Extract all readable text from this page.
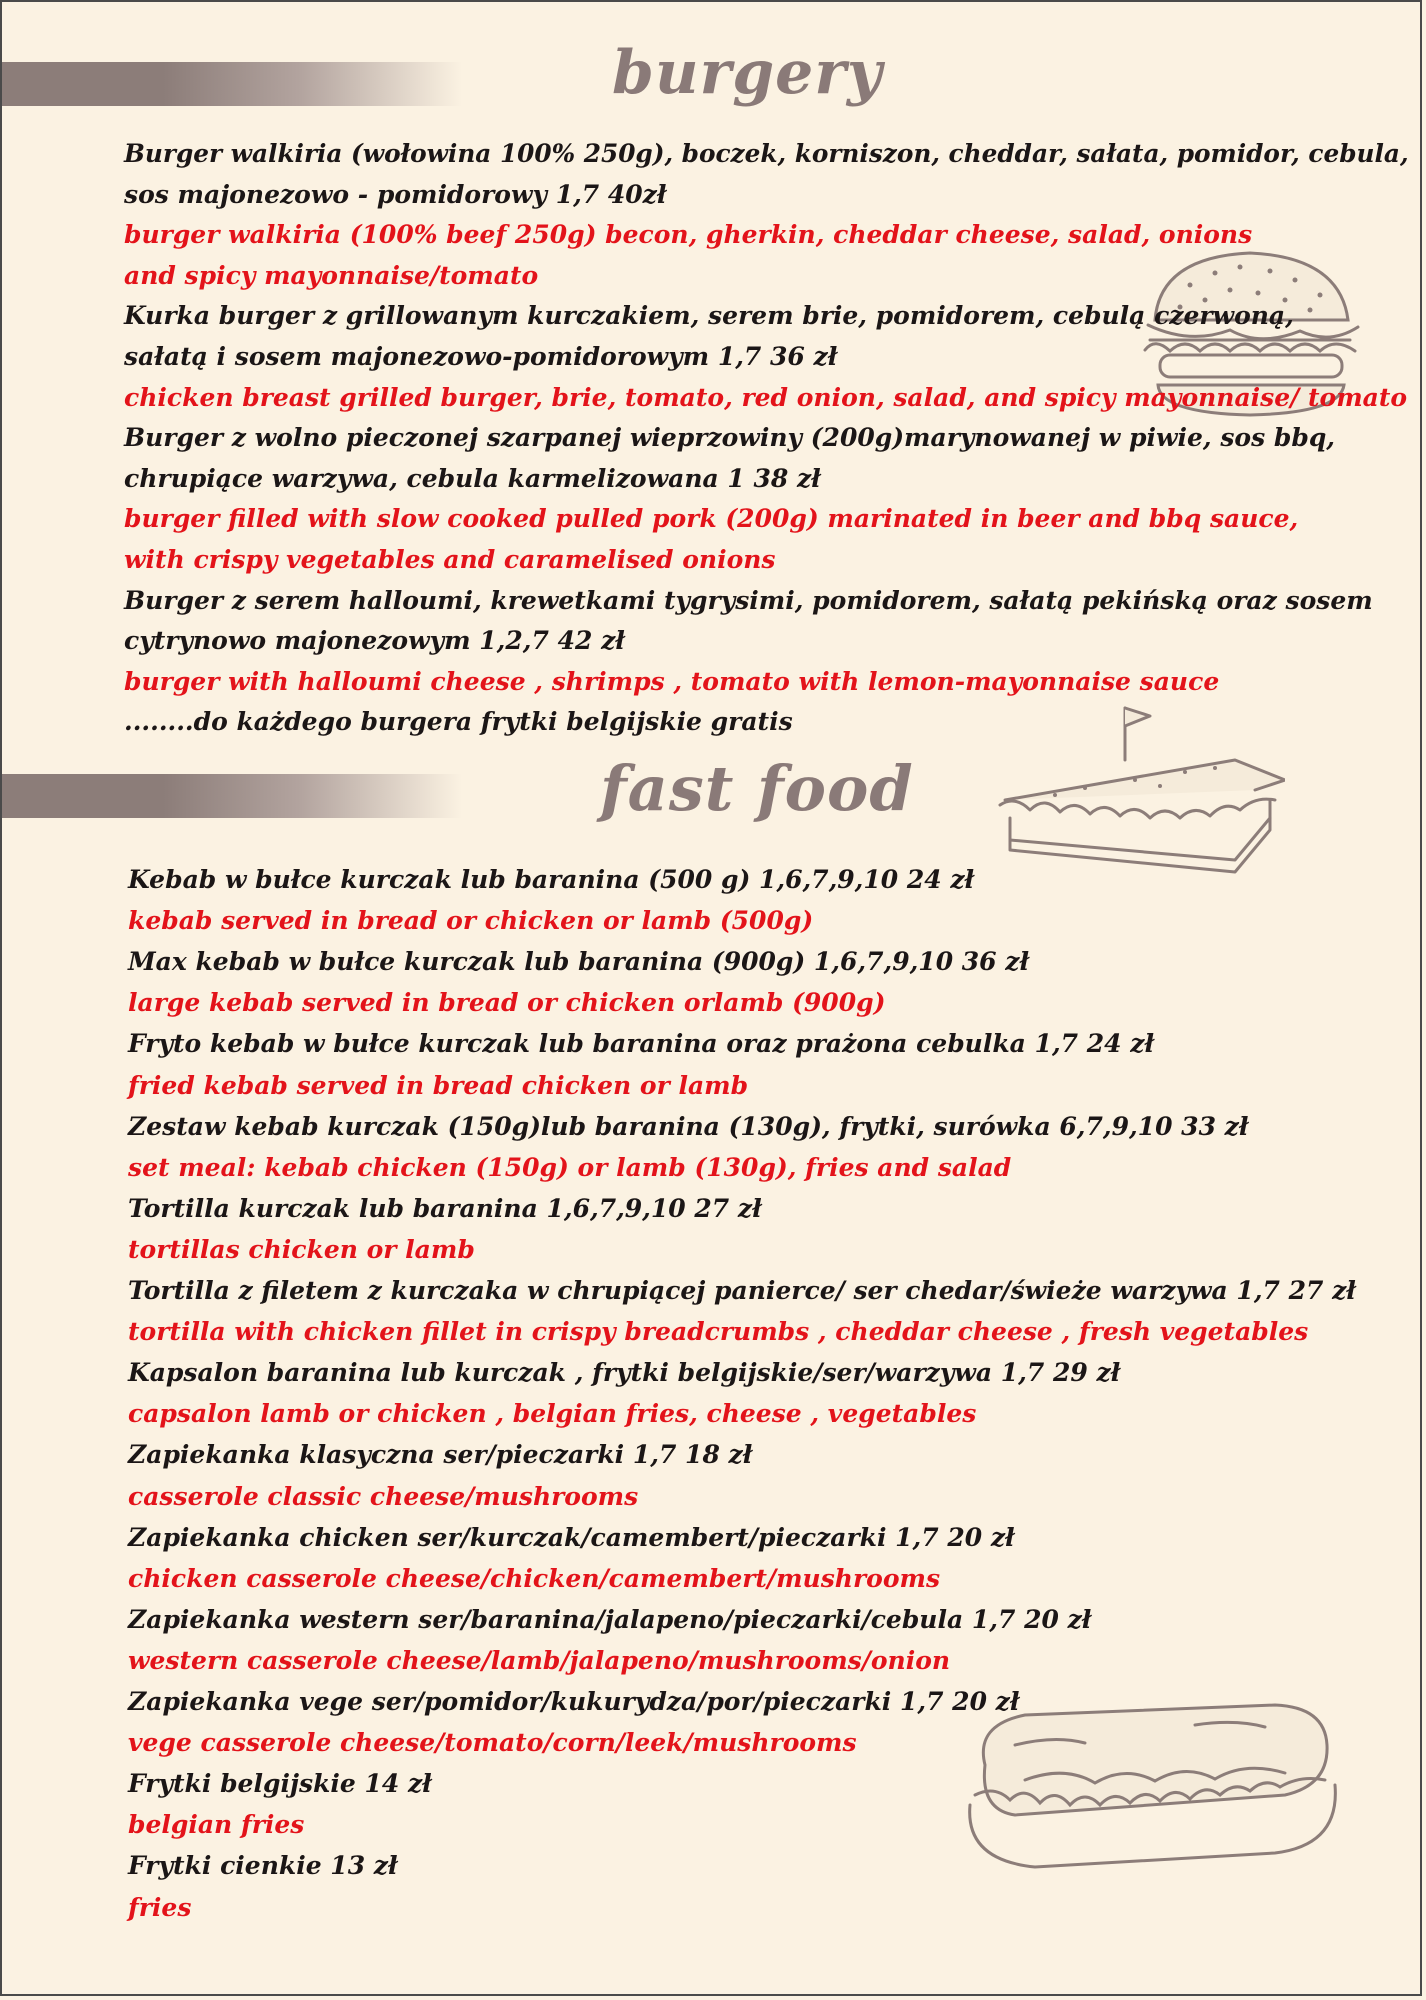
burgery
Burger walkiria (wołowina 100% 250g), boczek, korniszon, cheddar, sałata, pomidor, cebula,
sos majonezowo - pomidorowy 1,7 40zł
burger walkiria (100% beef 250g) becon, gherkin, cheddar cheese, salad, onions
and spicy mayonnaise/tomato
Kurka burger z grillowanym kurczakiem, serem brie, pomidorem, cebulą czerwoną,
sałatą i sosem majonezowo-pomidorowym 1,7 36 zł
chicken breast grilled burger, brie, tomato, red onion, salad, and spicy mayonnaise/ tomato
Burger z wolno pieczonej szarpanej wieprzowiny (200g)marynowanej w piwie, sos bbq,
chrupiące warzywa, cebula karmelizowana 1 38 zł
burger filled with slow cooked pulled pork (200g) marinated in beer and bbq sauce,
with crispy vegetables and caramelised onions
Burger z serem halloumi, krewetkami tygrysimi, pomidorem, sałatą pekińską oraz sosem
cytrynowo majonezowym 1,2,7 42 zł
burger with halloumi cheese , shrimps , tomato with lemon-mayonnaise sauce
........do każdego burgera frytki belgijskie gratis
fast food
Kebab w bułce kurczak lub baranina (500 g) 1,6,7,9,10 24 zł
kebab served in bread or chicken or lamb (500g)
Max kebab w bułce kurczak lub baranina (900g) 1,6,7,9,10 36 zł
large kebab served in bread or chicken orlamb (900g)
Fryto kebab w bułce kurczak lub baranina oraz prażona cebulka 1,7 24 zł
fried kebab served in bread chicken or lamb
Zestaw kebab kurczak (150g)lub baranina (130g), frytki, surówka 6,7,9,10 33 zł
set meal: kebab chicken (150g) or lamb (130g), fries and salad
Tortilla kurczak lub baranina 1,6,7,9,10 27 zł
tortillas chicken or lamb
Tortilla z filetem z kurczaka w chrupiącej panierce/ ser chedar/świeże warzywa 1,7 27 zł
tortilla with chicken fillet in crispy breadcrumbs , cheddar cheese , fresh vegetables
Kapsalon baranina lub kurczak , frytki belgijskie/ser/warzywa 1,7 29 zł
capsalon lamb or chicken , belgian fries, cheese , vegetables
Zapiekanka klasyczna ser/pieczarki 1,7 18 zł
casserole classic cheese/mushrooms
Zapiekanka chicken ser/kurczak/camembert/pieczarki 1,7 20 zł
chicken casserole cheese/chicken/camembert/mushrooms
Zapiekanka western ser/baranina/jalapeno/pieczarki/cebula 1,7 20 zł
western casserole cheese/lamb/jalapeno/mushrooms/onion
Zapiekanka vege ser/pomidor/kukurydza/por/pieczarki 1,7 20 zł
vege casserole cheese/tomato/corn/leek/mushrooms
Frytki belgijskie 14 zł
belgian fries
Frytki cienkie 13 zł
fries
